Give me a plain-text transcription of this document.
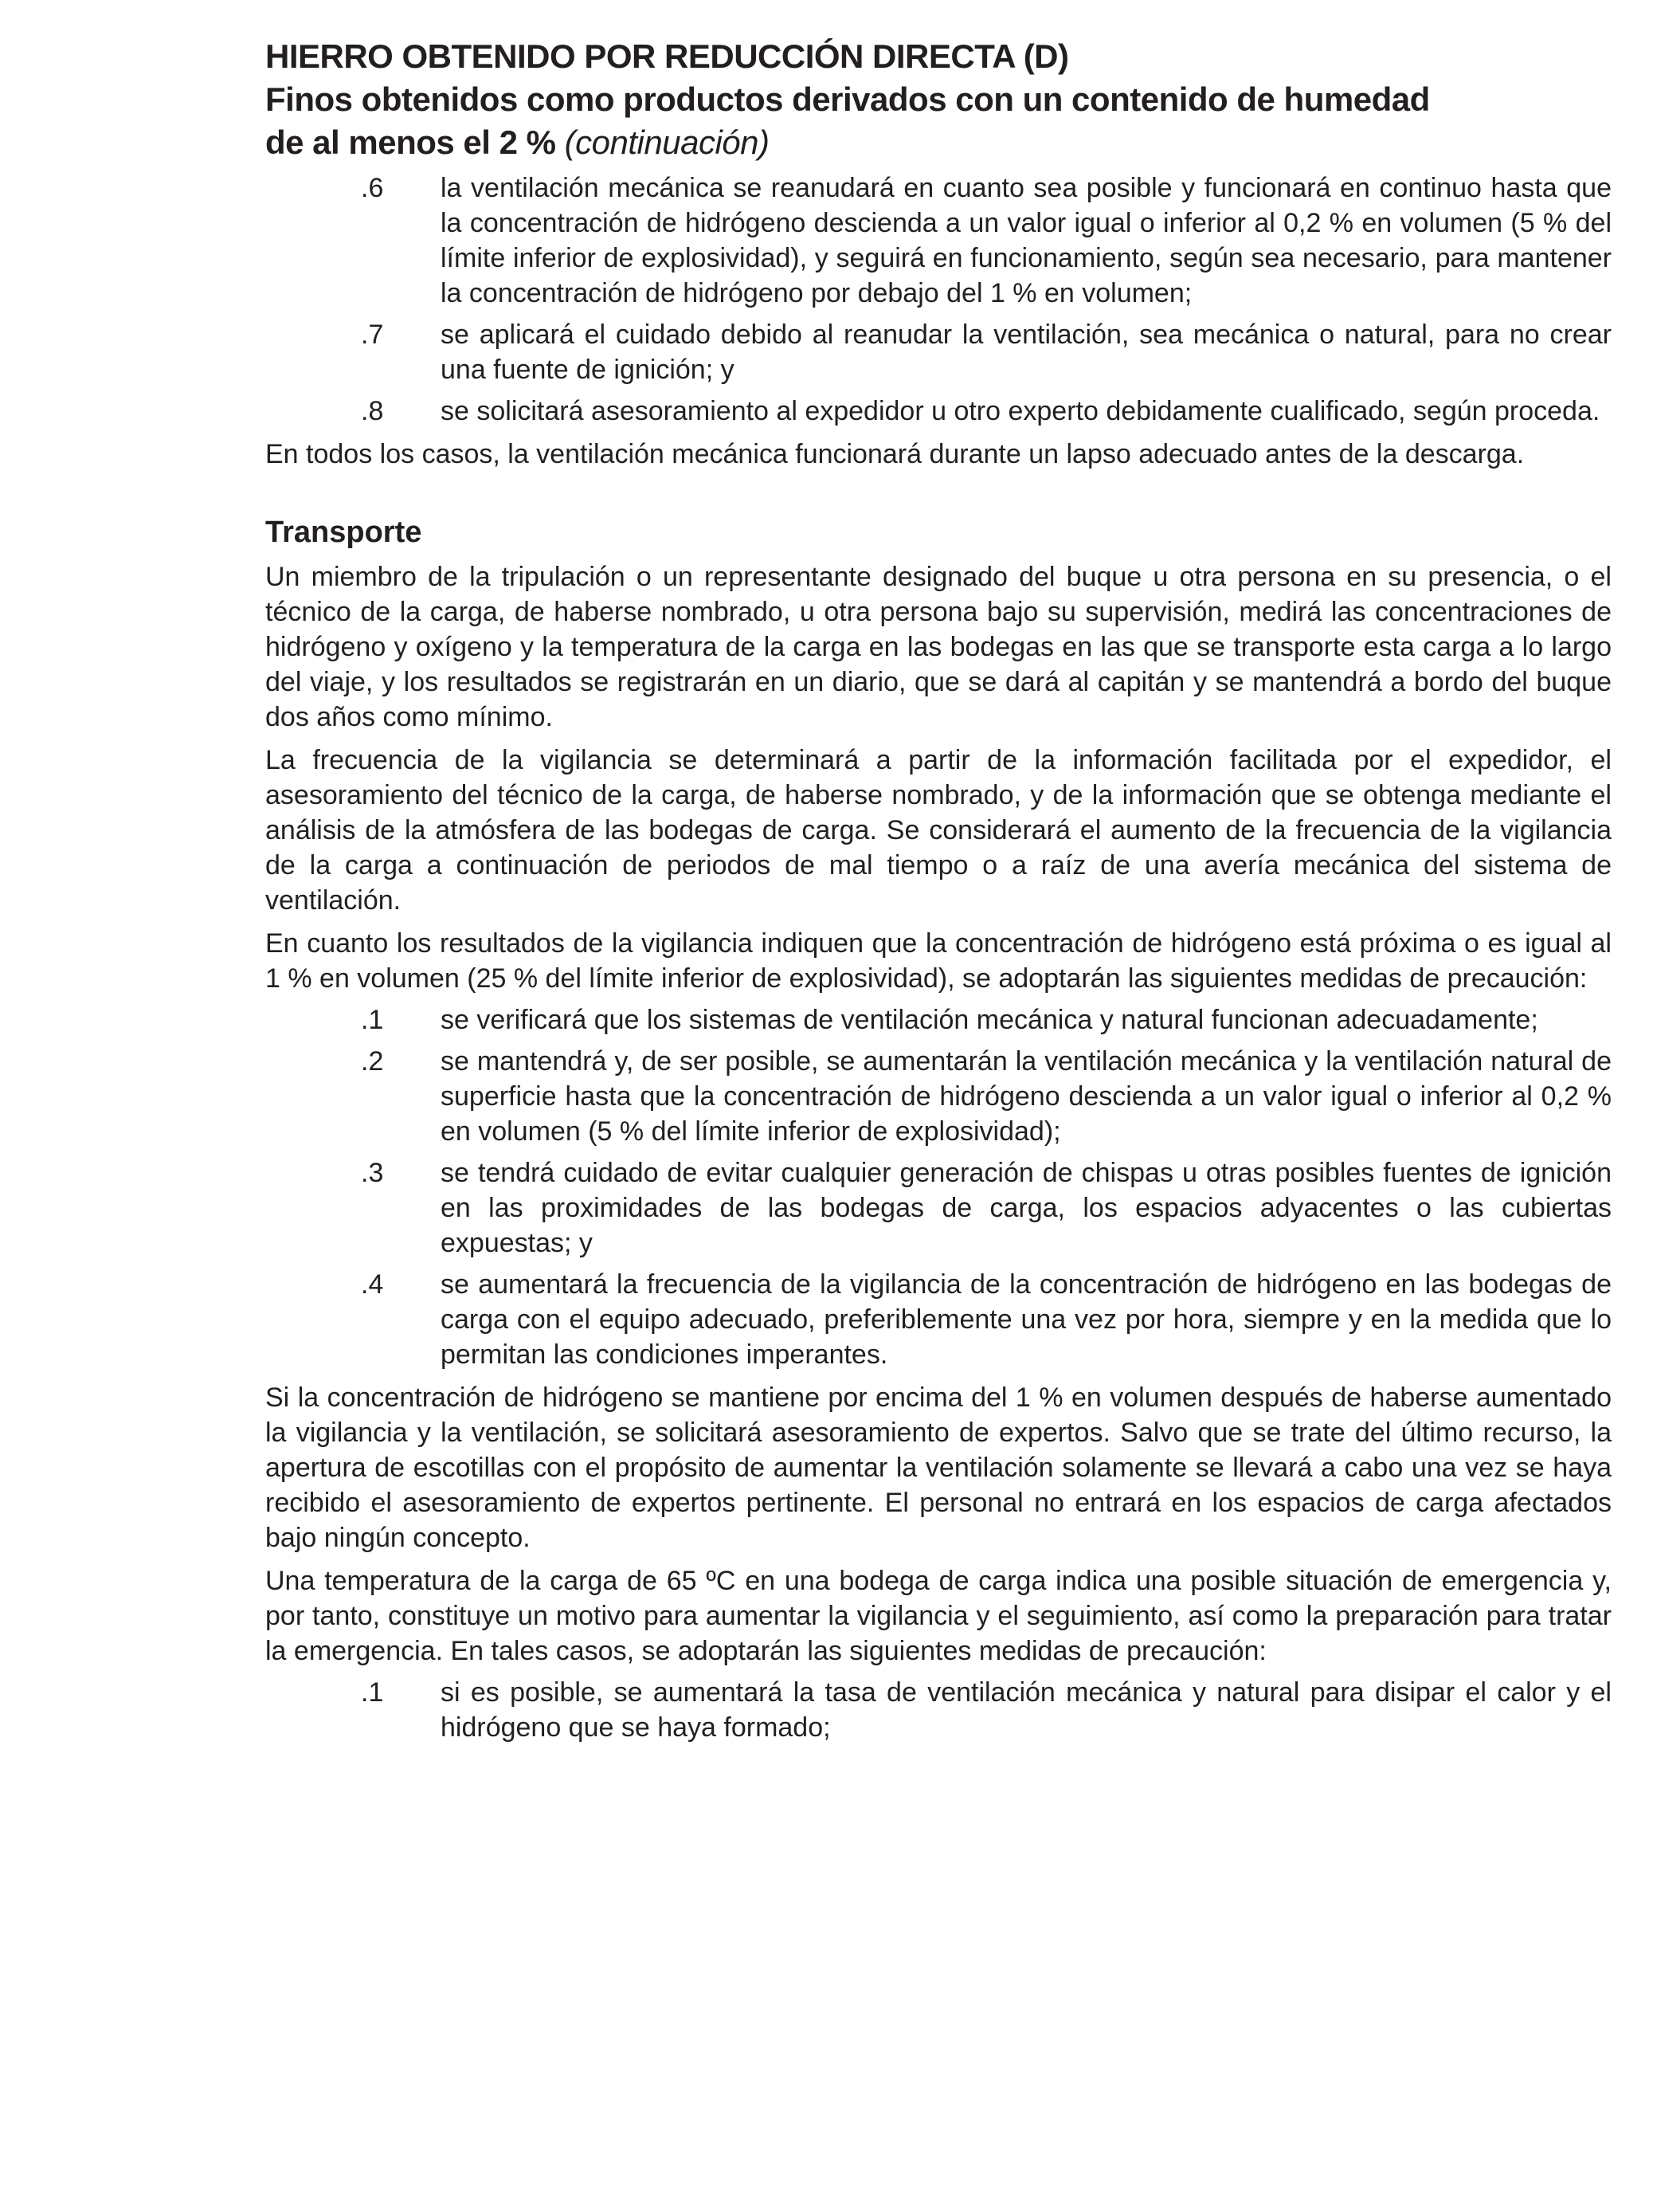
HIERRO OBTENIDO POR REDUCCIÓN DIRECTA (D)
Finos obtenidos como productos derivados con un contenido de humedad
de al menos el 2 % (continuación)
.6	la ventilación mecánica se reanudará en cuanto sea posible y funcionará en continuo hasta que la concentración de hidrógeno descienda a un valor igual o inferior al 0,2 % en volumen (5 % del límite inferior de explosividad), y seguirá en funcionamiento, según sea necesario, para mantener la concentración de hidrógeno por debajo del 1 % en volumen;
.7	se aplicará el cuidado debido al reanudar la ventilación, sea mecánica o natural, para no crear una fuente de ignición; y
.8	se solicitará asesoramiento al expedidor u otro experto debidamente cualificado, según proceda.
En todos los casos, la ventilación mecánica funcionará durante un lapso adecuado antes de la descarga.
Transporte
Un miembro de la tripulación o un representante designado del buque u otra persona en su presencia, o el técnico de la carga, de haberse nombrado, u otra persona bajo su supervisión, medirá las concentraciones de hidrógeno y oxígeno y la temperatura de la carga en las bodegas en las que se transporte esta carga a lo largo del viaje, y los resultados se registrarán en un diario, que se dará al capitán y se mantendrá a bordo del buque dos años como mínimo.
La frecuencia de la vigilancia se determinará a partir de la información facilitada por el expedidor, el asesoramiento del técnico de la carga, de haberse nombrado, y de la información que se obtenga mediante el análisis de la atmósfera de las bodegas de carga. Se considerará el aumento de la frecuencia de la vigilancia de la carga a continuación de periodos de mal tiempo o a raíz de una avería mecánica del sistema de ventilación.
En cuanto los resultados de la vigilancia indiquen que la concentración de hidrógeno está próxima o es igual al 1 % en volumen (25 % del límite inferior de explosividad), se adoptarán las siguientes medidas de precaución:
.1	se verificará que los sistemas de ventilación mecánica y natural funcionan adecuadamente;
.2	se mantendrá y, de ser posible, se aumentarán la ventilación mecánica y la ventilación natural de superficie hasta que la concentración de hidrógeno descienda a un valor igual o inferior al 0,2 % en volumen (5 % del límite inferior de explosividad);
.3	se tendrá cuidado de evitar cualquier generación de chispas u otras posibles fuentes de ignición en las proximidades de las bodegas de carga, los espacios adyacentes o las cubiertas expuestas; y
.4	se aumentará la frecuencia de la vigilancia de la concentración de hidrógeno en las bodegas de carga con el equipo adecuado, preferiblemente una vez por hora, siempre y en la medida que lo permitan las condiciones imperantes.
Si la concentración de hidrógeno se mantiene por encima del 1 % en volumen después de haberse aumentado la vigilancia y la ventilación, se solicitará asesoramiento de expertos. Salvo que se trate del último recurso, la apertura de escotillas con el propósito de aumentar la ventilación solamente se llevará a cabo una vez se haya recibido el asesoramiento de expertos pertinente. El personal no entrará en los espacios de carga afectados bajo ningún concepto.
Una temperatura de la carga de 65 ºC en una bodega de carga indica una posible situación de emergencia y, por tanto, constituye un motivo para aumentar la vigilancia y el seguimiento, así como la preparación para tratar la emergencia. En tales casos, se adoptarán las siguientes medidas de precaución:
.1	si es posible, se aumentará la tasa de ventilación mecánica y natural para disipar el calor y el hidrógeno que se haya formado;
